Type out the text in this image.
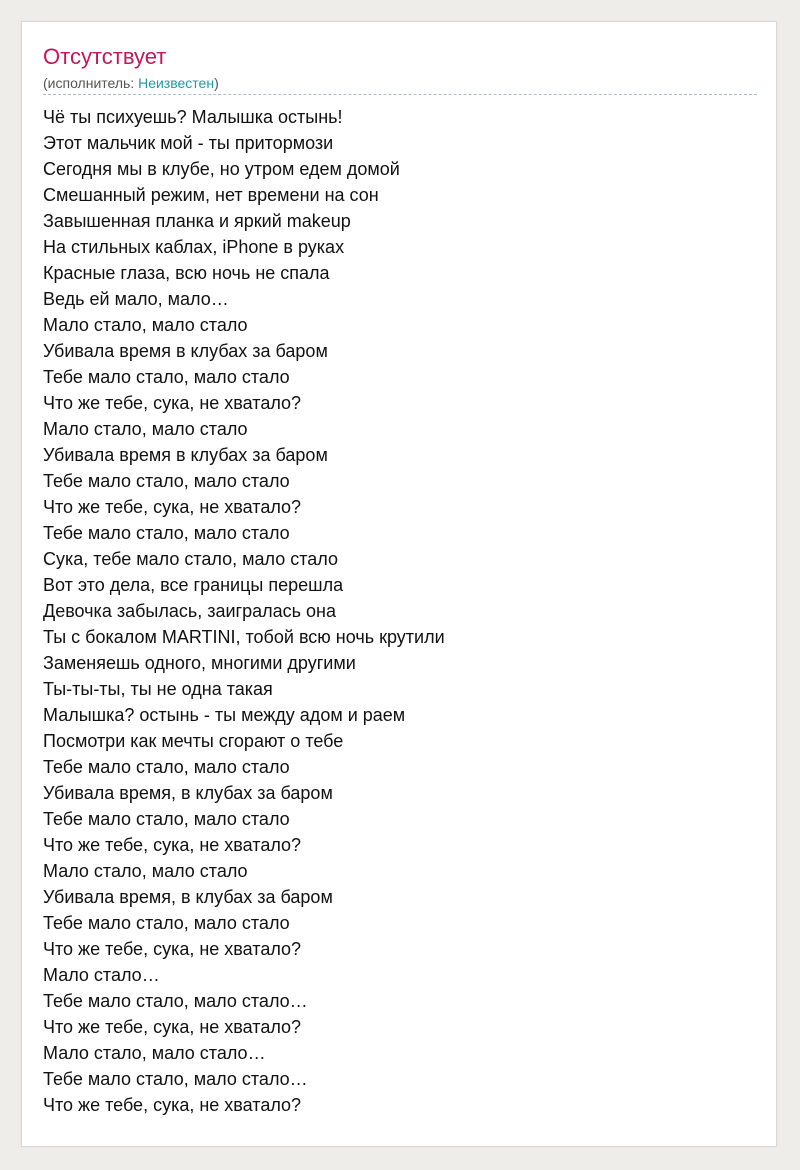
Отсутствует
(исполнитель: Неизвестен)
Чё ты психуешь? Малышка остынь!
Этот мальчик мой - ты притормози
Сегодня мы в клубе, но утром едем домой
Смешанный режим, нет времени на сон
Завышенная планка и яркий makeup
На стильных каблах, iPhone в руках
Красные глаза, всю ночь не спала
Ведь ей мало, мало…
Мало стало, мало стало
Убивала время в клубах за баром
Тебе мало стало, мало стало
Что же тебе, сука, не хватало?
Мало стало, мало стало
Убивала время в клубах за баром
Тебе мало стало, мало стало
Что же тебе, сука, не хватало?
Тебе мало стало, мало стало
Сука, тебе мало стало, мало стало
Вот это дела, все границы перешла
Девочка забылась, заигралась она
Ты с бокалом MARTINI, тобой всю ночь крутили
Заменяешь одного, многими другими
Ты-ты-ты, ты не одна такая
Малышка? остынь - ты между адом и раем
Посмотри как мечты сгорают о тебе
Тебе мало стало, мало стало
Убивала время, в клубах за баром
Тебе мало стало, мало стало
Что же тебе, сука, не хватало?
Мало стало, мало стало
Убивала время, в клубах за баром
Тебе мало стало, мало стало
Что же тебе, сука, не хватало?
Мало стало…
Тебе мало стало, мало стало…
Что же тебе, сука, не хватало?
Мало стало, мало стало…
Тебе мало стало, мало стало…
Что же тебе, сука, не хватало?
